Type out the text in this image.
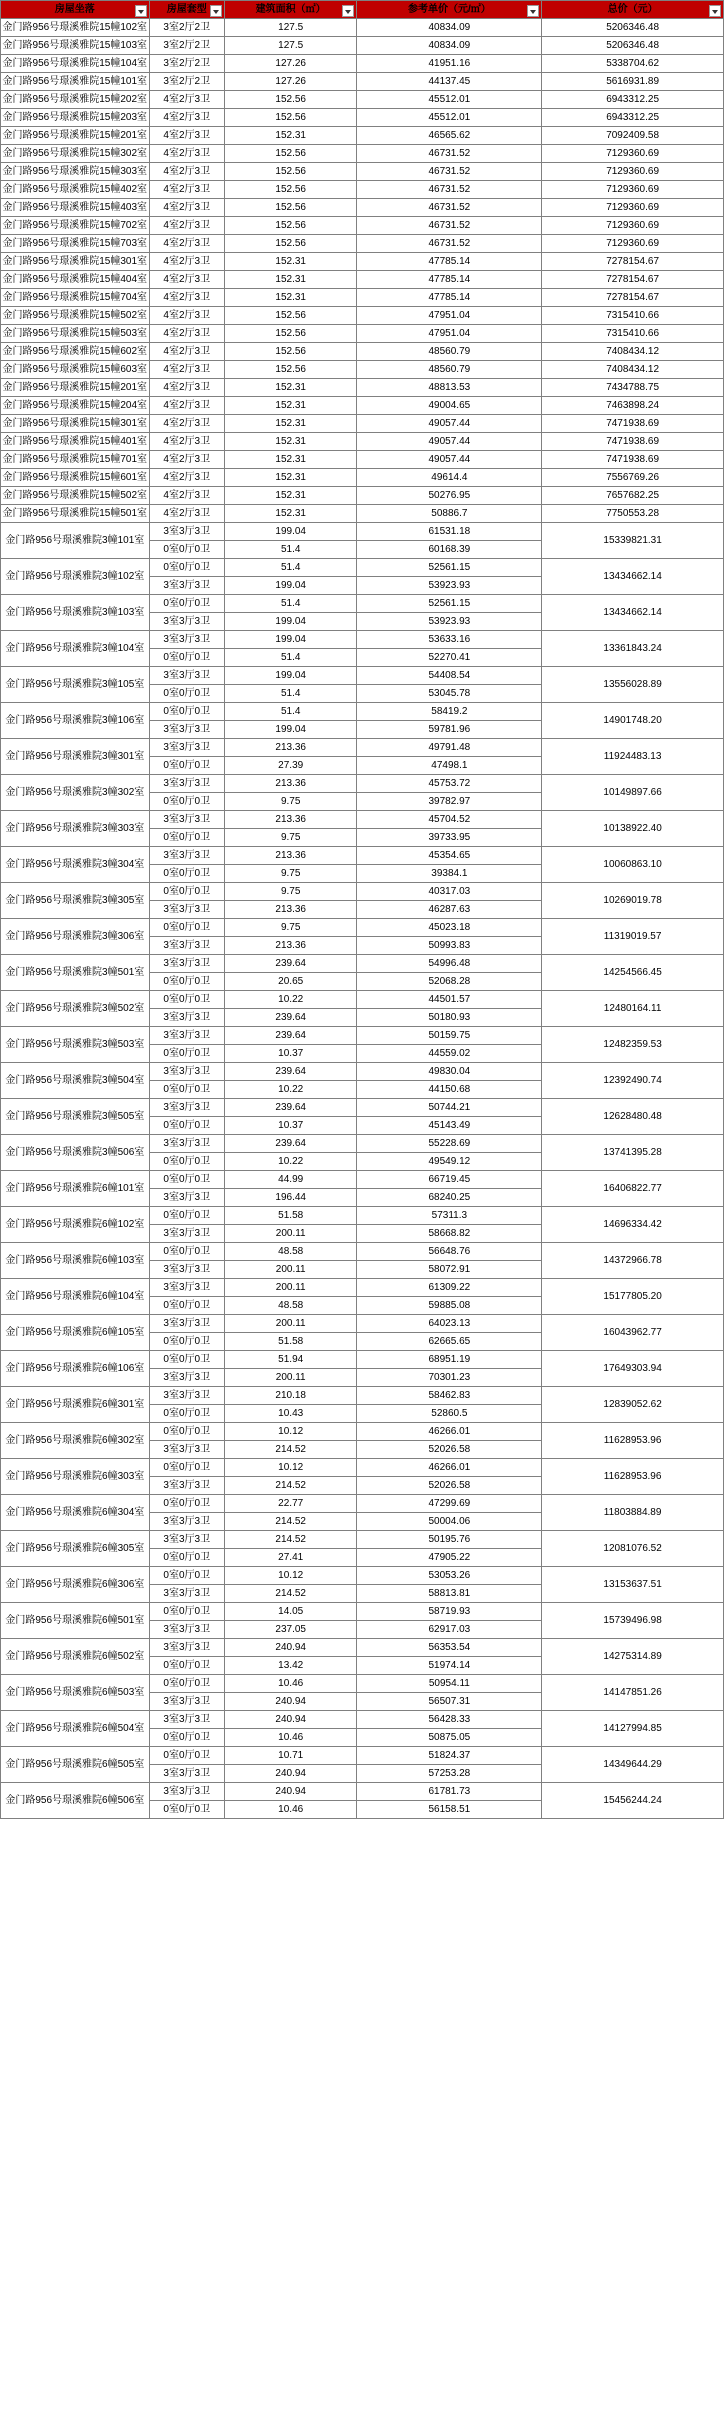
房屋坐落	房屋套型	建筑面积（㎡）	参考单价（元/㎡）	总价（元）

金门路956号璟溪雅院15幢102室	3室2厅2卫	127.5	40834.09	5206346.48
金门路956号璟溪雅院15幢103室	3室2厅2卫	127.5	40834.09	5206346.48
金门路956号璟溪雅院15幢104室	3室2厅2卫	127.26	41951.16	5338704.62
金门路956号璟溪雅院15幢101室	3室2厅2卫	127.26	44137.45	5616931.89
金门路956号璟溪雅院15幢202室	4室2厅3卫	152.56	45512.01	6943312.25
金门路956号璟溪雅院15幢203室	4室2厅3卫	152.56	45512.01	6943312.25
金门路956号璟溪雅院15幢201室	4室2厅3卫	152.31	46565.62	7092409.58
金门路956号璟溪雅院15幢302室	4室2厅3卫	152.56	46731.52	7129360.69
金门路956号璟溪雅院15幢303室	4室2厅3卫	152.56	46731.52	7129360.69
金门路956号璟溪雅院15幢402室	4室2厅3卫	152.56	46731.52	7129360.69
金门路956号璟溪雅院15幢403室	4室2厅3卫	152.56	46731.52	7129360.69
金门路956号璟溪雅院15幢702室	4室2厅3卫	152.56	46731.52	7129360.69
金门路956号璟溪雅院15幢703室	4室2厅3卫	152.56	46731.52	7129360.69
金门路956号璟溪雅院15幢301室	4室2厅3卫	152.31	47785.14	7278154.67
金门路956号璟溪雅院15幢404室	4室2厅3卫	152.31	47785.14	7278154.67
金门路956号璟溪雅院15幢704室	4室2厅3卫	152.31	47785.14	7278154.67
金门路956号璟溪雅院15幢502室	4室2厅3卫	152.56	47951.04	7315410.66
金门路956号璟溪雅院15幢503室	4室2厅3卫	152.56	47951.04	7315410.66
金门路956号璟溪雅院15幢602室	4室2厅3卫	152.56	48560.79	7408434.12
金门路956号璟溪雅院15幢603室	4室2厅3卫	152.56	48560.79	7408434.12
金门路956号璟溪雅院15幢201室	4室2厅3卫	152.31	48813.53	7434788.75
金门路956号璟溪雅院15幢204室	4室2厅3卫	152.31	49004.65	7463898.24
金门路956号璟溪雅院15幢301室	4室2厅3卫	152.31	49057.44	7471938.69
金门路956号璟溪雅院15幢401室	4室2厅3卫	152.31	49057.44	7471938.69
金门路956号璟溪雅院15幢701室	4室2厅3卫	152.31	49057.44	7471938.69
金门路956号璟溪雅院15幢601室	4室2厅3卫	152.31	49614.4	7556769.26
金门路956号璟溪雅院15幢502室	4室2厅3卫	152.31	50276.95	7657682.25
金门路956号璟溪雅院15幢501室	4室2厅3卫	152.31	50886.7	7750553.28
金门路956号璟溪雅院3幢101室	3室3厅3卫	199.04	61531.18	15339821.31
	0室0厅0卫	51.4	60168.39	
金门路956号璟溪雅院3幢102室	0室0厅0卫	51.4	52561.15	13434662.14
	3室3厅3卫	199.04	53923.93	
金门路956号璟溪雅院3幢103室	0室0厅0卫	51.4	52561.15	13434662.14
	3室3厅3卫	199.04	53923.93	
金门路956号璟溪雅院3幢104室	3室3厅3卫	199.04	53633.16	13361843.24
	0室0厅0卫	51.4	52270.41	
金门路956号璟溪雅院3幢105室	3室3厅3卫	199.04	54408.54	13556028.89
	0室0厅0卫	51.4	53045.78	
金门路956号璟溪雅院3幢106室	0室0厅0卫	51.4	58419.2	14901748.20
	3室3厅3卫	199.04	59781.96	
金门路956号璟溪雅院3幢301室	3室3厅3卫	213.36	49791.48	11924483.13
	0室0厅0卫	27.39	47498.1	
金门路956号璟溪雅院3幢302室	3室3厅3卫	213.36	45753.72	10149897.66
	0室0厅0卫	9.75	39782.97	
金门路956号璟溪雅院3幢303室	3室3厅3卫	213.36	45704.52	10138922.40
	0室0厅0卫	9.75	39733.95	
金门路956号璟溪雅院3幢304室	3室3厅3卫	213.36	45354.65	10060863.10
	0室0厅0卫	9.75	39384.1	
金门路956号璟溪雅院3幢305室	0室0厅0卫	9.75	40317.03	10269019.78
	3室3厅3卫	213.36	46287.63	
金门路956号璟溪雅院3幢306室	0室0厅0卫	9.75	45023.18	11319019.57
	3室3厅3卫	213.36	50993.83	
金门路956号璟溪雅院3幢501室	3室3厅3卫	239.64	54996.48	14254566.45
	0室0厅0卫	20.65	52068.28	
金门路956号璟溪雅院3幢502室	0室0厅0卫	10.22	44501.57	12480164.11
	3室3厅3卫	239.64	50180.93	
金门路956号璟溪雅院3幢503室	3室3厅3卫	239.64	50159.75	12482359.53
	0室0厅0卫	10.37	44559.02	
金门路956号璟溪雅院3幢504室	3室3厅3卫	239.64	49830.04	12392490.74
	0室0厅0卫	10.22	44150.68	
金门路956号璟溪雅院3幢505室	3室3厅3卫	239.64	50744.21	12628480.48
	0室0厅0卫	10.37	45143.49	
金门路956号璟溪雅院3幢506室	3室3厅3卫	239.64	55228.69	13741395.28
	0室0厅0卫	10.22	49549.12	
金门路956号璟溪雅院6幢101室	0室0厅0卫	44.99	66719.45	16406822.77
	3室3厅3卫	196.44	68240.25	
金门路956号璟溪雅院6幢102室	0室0厅0卫	51.58	57311.3	14696334.42
	3室3厅3卫	200.11	58668.82	
金门路956号璟溪雅院6幢103室	0室0厅0卫	48.58	56648.76	14372966.78
	3室3厅3卫	200.11	58072.91	
金门路956号璟溪雅院6幢104室	3室3厅3卫	200.11	61309.22	15177805.20
	0室0厅0卫	48.58	59885.08	
金门路956号璟溪雅院6幢105室	3室3厅3卫	200.11	64023.13	16043962.77
	0室0厅0卫	51.58	62665.65	
金门路956号璟溪雅院6幢106室	0室0厅0卫	51.94	68951.19	17649303.94
	3室3厅3卫	200.11	70301.23	
金门路956号璟溪雅院6幢301室	3室3厅3卫	210.18	58462.83	12839052.62
	0室0厅0卫	10.43	52860.5	
金门路956号璟溪雅院6幢302室	0室0厅0卫	10.12	46266.01	11628953.96
	3室3厅3卫	214.52	52026.58	
金门路956号璟溪雅院6幢303室	0室0厅0卫	10.12	46266.01	11628953.96
	3室3厅3卫	214.52	52026.58	
金门路956号璟溪雅院6幢304室	0室0厅0卫	22.77	47299.69	11803884.89
	3室3厅3卫	214.52	50004.06	
金门路956号璟溪雅院6幢305室	3室3厅3卫	214.52	50195.76	12081076.52
	0室0厅0卫	27.41	47905.22	
金门路956号璟溪雅院6幢306室	0室0厅0卫	10.12	53053.26	13153637.51
	3室3厅3卫	214.52	58813.81	
金门路956号璟溪雅院6幢501室	0室0厅0卫	14.05	58719.93	15739496.98
	3室3厅3卫	237.05	62917.03	
金门路956号璟溪雅院6幢502室	3室3厅3卫	240.94	56353.54	14275314.89
	0室0厅0卫	13.42	51974.14	
金门路956号璟溪雅院6幢503室	0室0厅0卫	10.46	50954.11	14147851.26
	3室3厅3卫	240.94	56507.31	
金门路956号璟溪雅院6幢504室	3室3厅3卫	240.94	56428.33	14127994.85
	0室0厅0卫	10.46	50875.05	
金门路956号璟溪雅院6幢505室	0室0厅0卫	10.71	51824.37	14349644.29
	3室3厅3卫	240.94	57253.28	
金门路956号璟溪雅院6幢506室	3室3厅3卫	240.94	61781.73	15456244.24
	0室0厅0卫	10.46	56158.51	
